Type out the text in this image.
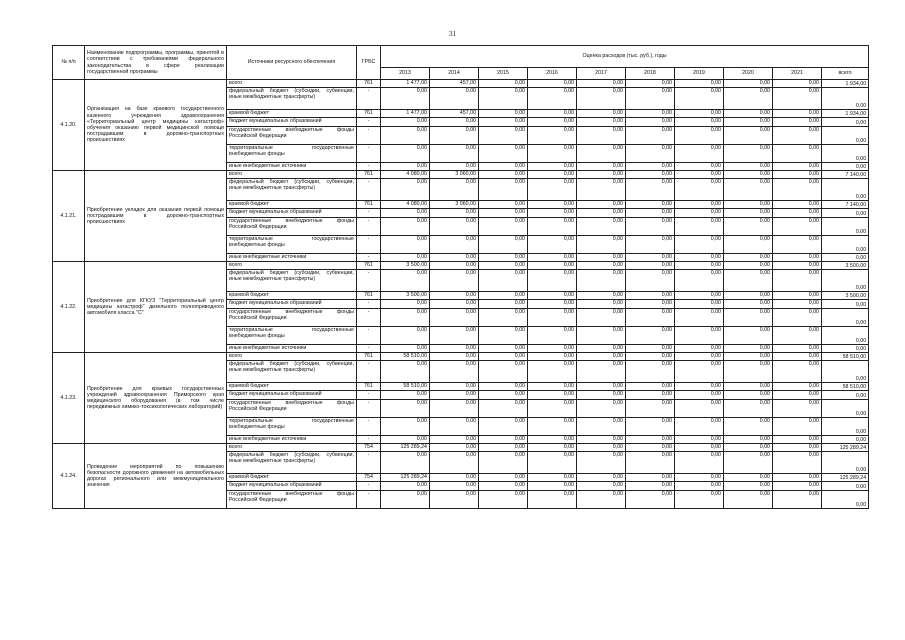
31
№ п/п	Наименование подпрограммы, программы, принятой в соответствии с требованиями федерального законодательства в сфере реализации государственной программы	Источники ресурсного обеспечения	ГРБС	Оценка расходов (тыс. руб.), годы									
				2013	2014	2015	2016	2017	2018	2019	2020	2021	всего
4.1.20.	Организация на базе краевого государственного казенного учреждения здравоохранения «Территориальный центр медицины катастроф» обучения оказанию первой медицинской помощи пострадавшим в дорожно-транспортных происшествиях	всего	761	1 477,00	457,00	0,00	0,00	0,00	0,00	0,00	0,00	0,00	1 934,00
		федеральный бюджет (субсидии, субвенции, иные межбюджетные трансферты)	-	0,00	0,00	0,00	0,00	0,00	0,00	0,00	0,00	0,00	0,00
		краевой бюджет	761	1 477,00	457,00	0,00	0,00	0,00	0,00	0,00	0,00	0,00	1 934,00
		бюджет муниципальных образований	-	0,00	0,00	0,00	0,00	0,00	0,00	0,00	0,00	0,00	0,00
		государственные внебюджетные фонды Российской Федерации	-	0,00	0,00	0,00	0,00	0,00	0,00	0,00	0,00	0,00	0,00
		территориальные государственные внебюджетные фонды	-	0,00	0,00	0,00	0,00	0,00	0,00	0,00	0,00	0,00	0,00
		иные внебюджетные источники	-	0,00	0,00	0,00	0,00	0,00	0,00	0,00	0,00	0,00	0,00
4.1.21.	Приобретение укладок для оказания первой помощи пострадавшим в дорожно-транспортных происшествиях	всего	761	4 080,00	3 060,00	0,00	0,00	0,00	0,00	0,00	0,00	0,00	7 140,00
		федеральный бюджет (субсидии, субвенции, иные межбюджетные трансферты)	-	0,00	0,00	0,00	0,00	0,00	0,00	0,00	0,00	0,00	0,00
		краевой бюджет	761	4 080,00	3 060,00	0,00	0,00	0,00	0,00	0,00	0,00	0,00	7 140,00
		бюджет муниципальных образований	-	0,00	0,00	0,00	0,00	0,00	0,00	0,00	0,00	0,00	0,00
		государственные внебюджетные фонды Российской Федерации	-	0,00	0,00	0,00	0,00	0,00	0,00	0,00	0,00	0,00	0,00
		территориальные государственные внебюджетные фонды	-	0,00	0,00	0,00	0,00	0,00	0,00	0,00	0,00	0,00	0,00
		иные внебюджетные источники	-	0,00	0,00	0,00	0,00	0,00	0,00	0,00	0,00	0,00	0,00
4.1.22.	Приобретение для КГКУЗ "Территориальный центр медицины катастроф" дизельного полноприводного автомобиля класса "С"	всего	761	3 500,00	0,00	0,00	0,00	0,00	0,00	0,00	0,00	0,00	3 500,00
		федеральный бюджет (субсидии, субвенции, иные межбюджетные трансферты)	-	0,00	0,00	0,00	0,00	0,00	0,00	0,00	0,00	0,00	0,00
		краевой бюджет	761	3 500,00	0,00	0,00	0,00	0,00	0,00	0,00	0,00	0,00	3 500,00
		бюджет муниципальных образований	-	0,00	0,00	0,00	0,00	0,00	0,00	0,00	0,00	0,00	0,00
		государственные внебюджетные фонды Российской Федерации	-	0,00	0,00	0,00	0,00	0,00	0,00	0,00	0,00	0,00	0,00
		территориальные государственные внебюджетные фонды	-	0,00	0,00	0,00	0,00	0,00	0,00	0,00	0,00	0,00	0,00
		иные внебюджетные источники	-	0,00	0,00	0,00	0,00	0,00	0,00	0,00	0,00	0,00	0,00
4.1.23.	Приобретение для краевых государственных учреждений здравоохранения Приморского края медицинского оборудования (в том числе передвижных химико-токсикологических лабораторий)	всего	761	58 510,00	0,00	0,00	0,00	0,00	0,00	0,00	0,00	0,00	58 510,00
		федеральный бюджет (субсидии, субвенции, иные межбюджетные трансферты)	-	0,00	0,00	0,00	0,00	0,00	0,00	0,00	0,00	0,00	0,00
		краевой бюджет	761	58 510,00	0,00	0,00	0,00	0,00	0,00	0,00	0,00	0,00	58 510,00
		бюджет муниципальных образований	-	0,00	0,00	0,00	0,00	0,00	0,00	0,00	0,00	0,00	0,00
		государственные внебюджетные фонды Российской Федерации	-	0,00	0,00	0,00	0,00	0,00	0,00	0,00	0,00	0,00	0,00
		территориальные государственные внебюджетные фонды	-	0,00	0,00	0,00	0,00	0,00	0,00	0,00	0,00	0,00	0,00
		иные внебюджетные источники	-	0,00	0,00	0,00	0,00	0,00	0,00	0,00	0,00	0,00	0,00
4.1.24.	Проведение мероприятий по повышению безопасности дорожного движения на автомобильных дорогах регионального или межмуниципального значения	всего	754	125 289,24	0,00	0,00	0,00	0,00	0,00	0,00	0,00	0,00	125 289,24
		федеральный бюджет (субсидии, субвенции, иные межбюджетные трансферты)	-	0,00	0,00	0,00	0,00	0,00	0,00	0,00	0,00	0,00	0,00
		краевой бюджет	754	125 289,24	0,00	0,00	0,00	0,00	0,00	0,00	0,00	0,00	125 289,24
		бюджет муниципальных образований	-	0,00	0,00	0,00	0,00	0,00	0,00	0,00	0,00	0,00	0,00
		государственные внебюджетные фонды Российской Федерации	-	0,00	0,00	0,00	0,00	0,00	0,00	0,00	0,00	0,00	0,00
